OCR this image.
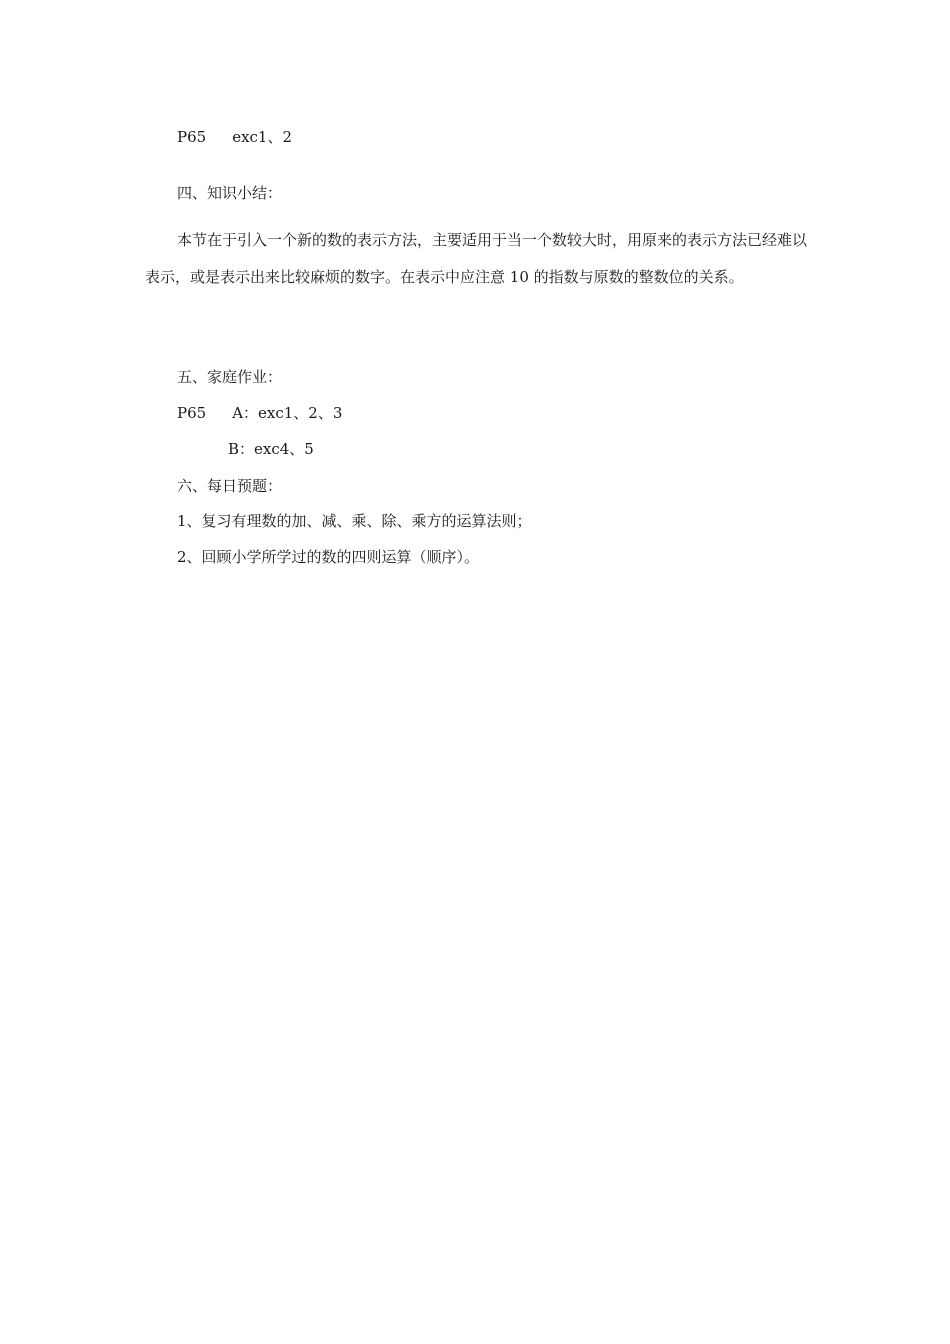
P65 exc1、2
四、知识小结：
本节在于引入一个新的数的表示方法，主要适用于当一个数较大时，用原来的表示方法已经难以表示，或是表示出来比较麻烦的数字。在表示中应注意 10 的指数与原数的整数位的关系。
五、家庭作业：
P65 A：exc1、2、3
B：exc4、5
六、每日预题：
1、复习有理数的加、减、乘、除、乘方的运算法则；
2、回顾小学所学过的数的四则运算（顺序）。
